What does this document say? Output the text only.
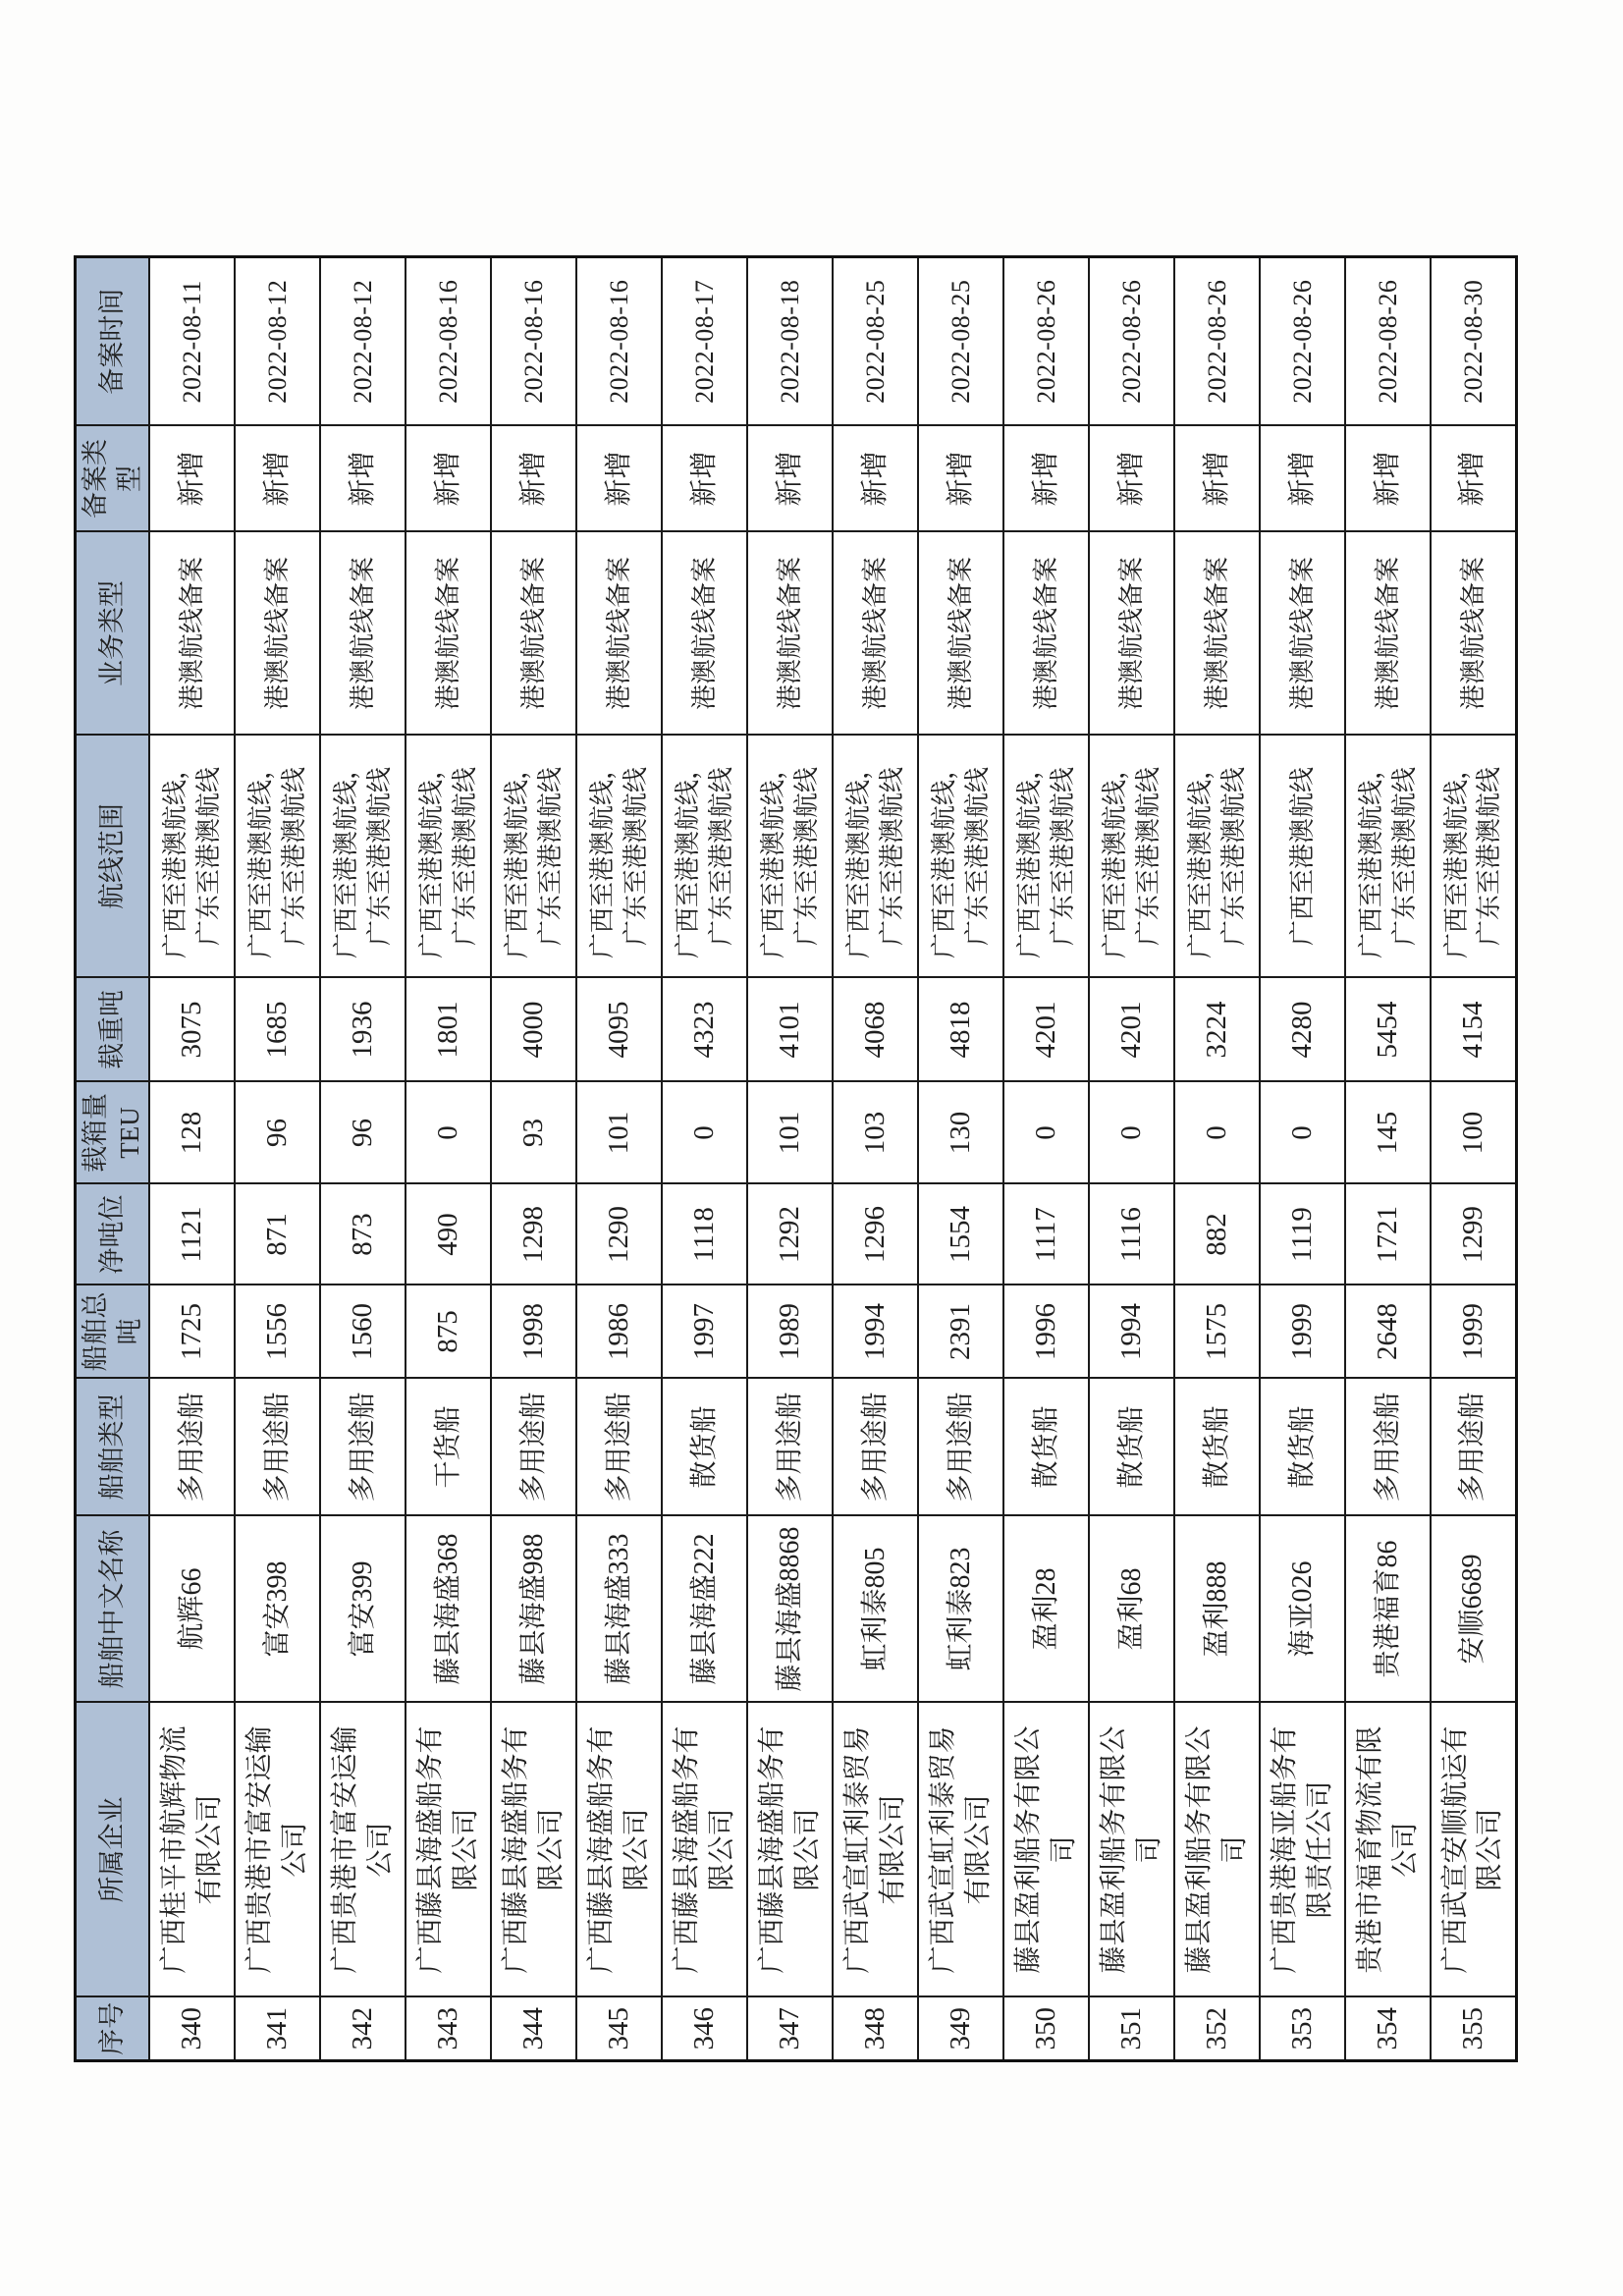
序号	所属企业	船舶中文名称	船舶类型	船舶总吨	净吨位	载箱量TEU	载重吨	航线范围	业务类型	备案类型	备案时间
340	广西桂平市航辉物流有限公司	航辉66	多用途船	1725	1121	128	3075	广西至港澳航线，广东至港澳航线	港澳航线备案	新增	2022-08-11
341	广西贵港市富安运输公司	富安398	多用途船	1556	871	96	1685	广西至港澳航线，广东至港澳航线	港澳航线备案	新增	2022-08-12
342	广西贵港市富安运输公司	富安399	多用途船	1560	873	96	1936	广西至港澳航线，广东至港澳航线	港澳航线备案	新增	2022-08-12
343	广西藤县海盛船务有限公司	藤县海盛368	干货船	875	490	0	1801	广西至港澳航线，广东至港澳航线	港澳航线备案	新增	2022-08-16
344	广西藤县海盛船务有限公司	藤县海盛988	多用途船	1998	1298	93	4000	广西至港澳航线，广东至港澳航线	港澳航线备案	新增	2022-08-16
345	广西藤县海盛船务有限公司	藤县海盛333	多用途船	1986	1290	101	4095	广西至港澳航线，广东至港澳航线	港澳航线备案	新增	2022-08-16
346	广西藤县海盛船务有限公司	藤县海盛222	散货船	1997	1118	0	4323	广西至港澳航线，广东至港澳航线	港澳航线备案	新增	2022-08-17
347	广西藤县海盛船务有限公司	藤县海盛8868	多用途船	1989	1292	101	4101	广西至港澳航线，广东至港澳航线	港澳航线备案	新增	2022-08-18
348	广西武宣虹利泰贸易有限公司	虹利泰805	多用途船	1994	1296	103	4068	广西至港澳航线，广东至港澳航线	港澳航线备案	新增	2022-08-25
349	广西武宣虹利泰贸易有限公司	虹利泰823	多用途船	2391	1554	130	4818	广西至港澳航线，广东至港澳航线	港澳航线备案	新增	2022-08-25
350	藤县盈利船务有限公司	盈利28	散货船	1996	1117	0	4201	广西至港澳航线，广东至港澳航线	港澳航线备案	新增	2022-08-26
351	藤县盈利船务有限公司	盈利68	散货船	1994	1116	0	4201	广西至港澳航线，广东至港澳航线	港澳航线备案	新增	2022-08-26
352	藤县盈利船务有限公司	盈利888	散货船	1575	882	0	3224	广西至港澳航线，广东至港澳航线	港澳航线备案	新增	2022-08-26
353	广西贵港海亚船务有限责任公司	海亚026	散货船	1999	1119	0	4280	广西至港澳航线	港澳航线备案	新增	2022-08-26
354	贵港市福育物流有限公司	贵港福育86	多用途船	2648	1721	145	5454	广西至港澳航线，广东至港澳航线	港澳航线备案	新增	2022-08-26
355	广西武宣安顺航运有限公司	安顺6689	多用途船	1999	1299	100	4154	广西至港澳航线，广东至港澳航线	港澳航线备案	新增	2022-08-30
